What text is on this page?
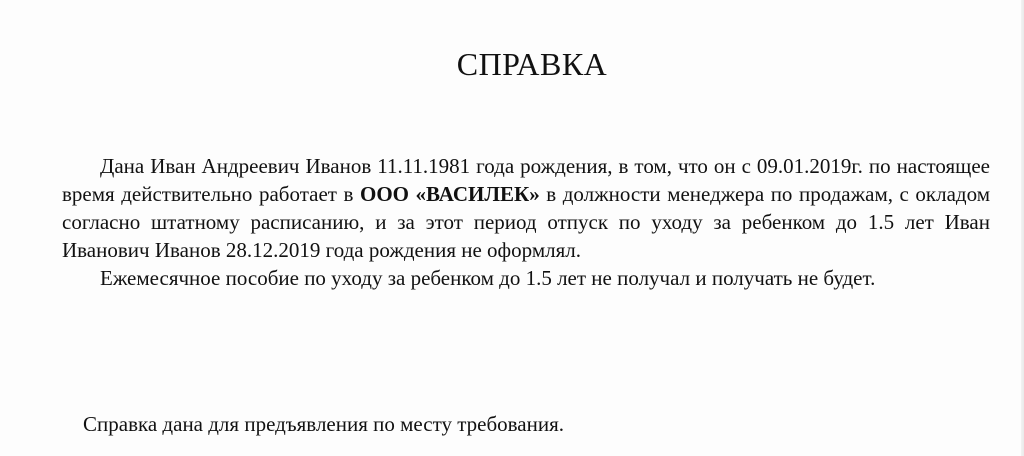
СПРАВКА

Дана Иван Андреевич Иванов 11.11.1981 года рождения, в том, что он с 09.01.2019г. по настоящее время действительно работает в ООО «ВАСИЛЕК» в должности менеджера по продажам, с окладом согласно штатному расписанию, и за этот период отпуск по уходу за ребенком до 1.5 лет Иван Иванович Иванов 28.12.2019 года рождения не оформлял.

Ежемесячное пособие по уходу за ребенком до 1.5 лет не получал и получать не будет.

Справка дана для предъявления по месту требования.
